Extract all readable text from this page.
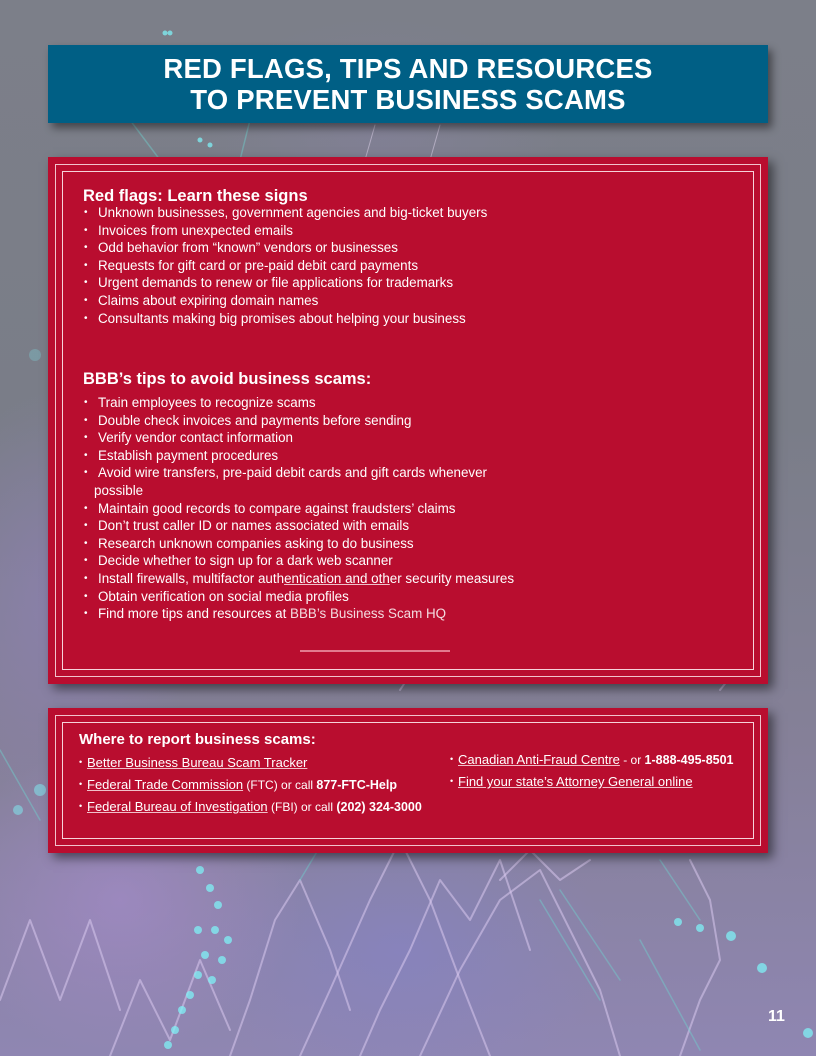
RED FLAGS, TIPS AND RESOURCES
TO PREVENT BUSINESS SCAMS
Red flags: Learn these signs
• Unknown businesses, government agencies and big-ticket buyers
• Invoices from unexpected emails
• Odd behavior from “known” vendors or businesses
• Requests for gift card or pre-paid debit card payments
• Urgent demands to renew or file applications for trademarks
• Claims about expiring domain names
• Consultants making big promises about helping your business
BBB’s tips to avoid business scams:
• Train employees to recognize scams
• Double check invoices and payments before sending
• Verify vendor contact information
• Establish payment procedures
• Avoid wire transfers, pre-paid debit cards and gift cards whenever
possible
• Maintain good records to compare against fraudsters’ claims
• Don’t trust caller ID or names associated with emails
• Research unknown companies asking to do business
• Decide whether to sign up for a dark web scanner
• Install firewalls, multifactor authentication and other security measures
• Obtain verification on social media profiles
• Find more tips and resources at BBB’s Business Scam HQ
Where to report business scams:
• Better Business Bureau Scam Tracker
• Federal Trade Commission (FTC) or call 877-FTC-Help
• Federal Bureau of Investigation (FBI) or call (202) 324-3000
• Canadian Anti-Fraud Centre - or 1-888-495-8501
• Find your state’s Attorney General online
11
